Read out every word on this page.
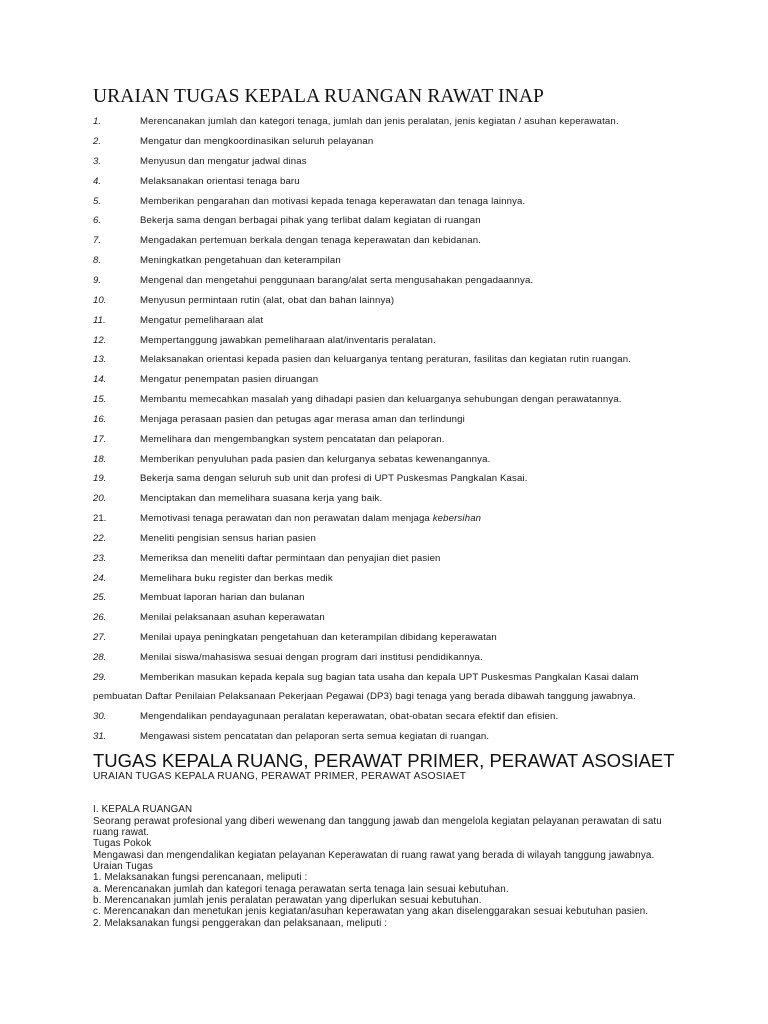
URAIAN TUGAS KEPALA RUANGAN RAWAT INAP
1.	Merencanakan jumlah dan kategori tenaga, jumlah dan jenis peralatan, jenis kegiatan / asuhan keperawatan.
2.	Mengatur dan mengkoordinasikan seluruh pelayanan
3.	Menyusun dan mengatur jadwal dinas
4.	Melaksanakan orientasi tenaga baru
5.	Memberikan pengarahan dan motivasi kepada tenaga keperawatan dan tenaga lainnya.
6.	Bekerja sama dengan berbagai pihak yang terlibat dalam kegiatan di ruangan
7.	Mengadakan pertemuan berkala dengan tenaga keperawatan dan kebidanan.
8.	Meningkatkan pengetahuan dan keterampilan
9.	Mengenal dan mengetahui penggunaan barang/alat serta mengusahakan pengadaannya.
10.	Menyusun permintaan rutin (alat, obat dan bahan lainnya)
11.	Mengatur pemeliharaan alat
12.	Mempertanggung jawabkan pemeliharaan alat/inventaris peralatan.
13.	Melaksanakan orientasi kepada pasien dan keluarganya tentang peraturan, fasilitas dan kegiatan rutin ruangan.
14.	Mengatur penempatan pasien diruangan
15.	Membantu memecahkan masalah yang dihadapi pasien dan keluarganya sehubungan dengan perawatannya.
16.	Menjaga perasaan pasien dan petugas agar merasa aman dan terlindungi
17.	Memelihara dan mengembangkan system pencatatan dan pelaporan.
18.	Memberikan penyuluhan pada pasien dan kelurganya sebatas kewenangannya.
19.	Bekerja sama dengan seluruh sub unit dan profesi di UPT Puskesmas Pangkalan Kasai.
20.	Menciptakan dan memelihara suasana kerja yang baik.
21.	Memotivasi tenaga perawatan dan non perawatan dalam menjaga kebersihan
22.	Meneliti pengisian sensus harian pasien
23.	Memeriksa dan meneliti daftar permintaan dan penyajian diet pasien
24.	Memelihara buku register dan berkas medik
25.	Membuat laporan harian dan bulanan
26.	Menilai pelaksanaan asuhan keperawatan
27.	Menilai upaya peningkatan pengetahuan dan keterampilan dibidang keperawatan
28.	Menilai siswa/mahasiswa sesuai dengan program dari institusi pendidikannya.
29.	Memberikan masukan kepada kepala sug bagian tata usaha dan kepala UPT Puskesmas Pangkalan Kasai dalam
pembuatan Daftar Penilaian Pelaksanaan Pekerjaan Pegawai (DP3) bagi tenaga yang berada dibawah tanggung jawabnya.
30.	Mengendalikan pendayagunaan peralatan keperawatan, obat-obatan secara efektif dan efisien.
31.	Mengawasi sistem pencatatan dan pelaporan serta semua kegiatan di ruangan.
TUGAS KEPALA RUANG, PERAWAT PRIMER, PERAWAT ASOSIAET
URAIAN TUGAS KEPALA RUANG, PERAWAT PRIMER, PERAWAT ASOSIAET
I. KEPALA RUANGAN
Seorang perawat profesional yang diberi wewenang dan tanggung jawab dan mengelola kegiatan pelayanan perawatan di satu
ruang rawat.
Tugas Pokok
Mengawasi dan mengendalikan kegiatan pelayanan Keperawatan di ruang rawat yang berada di wilayah tanggung jawabnya.
Uraian Tugas
1. Melaksanakan fungsi perencanaan, meliputi :
a. Merencanakan jumlah dan kategori tenaga perawatan serta tenaga lain sesuai kebutuhan.
b. Merencanakan jumlah jenis peralatan perawatan yang diperlukan sesuai kebutuhan.
c. Merencanakan dan menetukan jenis kegiatan/asuhan keperawatan yang akan diselenggarakan sesuai kebutuhan pasien.
2. Melaksanakan fungsi penggerakan dan pelaksanaan, meliputi :
